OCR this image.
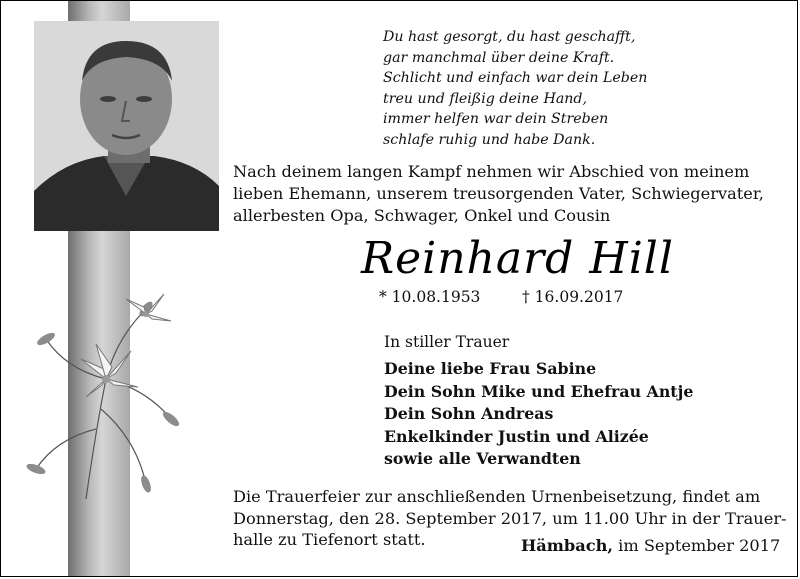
Du hast gesorgt, du hast geschafft,
gar manchmal über deine Kraft.
Schlicht und einfach war dein Leben
treu und fleißig deine Hand,
immer helfen war dein Streben
schlafe ruhig und habe Dank.
Nach deinem langen Kampf nehmen wir Abschied von meinem
lieben Ehemann, unserem treusorgenden Vater, Schwiegervater,
allerbesten Opa, Schwager, Onkel und Cousin
Reinhard Hill
* 10.08.1953	† 16.09.2017
In stiller Trauer
Deine liebe Frau Sabine
Dein Sohn Mike und Ehefrau Antje
Dein Sohn Andreas
Enkelkinder Justin und Alizée
sowie alle Verwandten
Die Trauerfeier zur anschließenden Urnenbeisetzung, findet am
Donnerstag, den 28. September 2017, um 11.00 Uhr in der Trauer-
halle zu Tiefenort statt.	Hämbach, im September 2017
